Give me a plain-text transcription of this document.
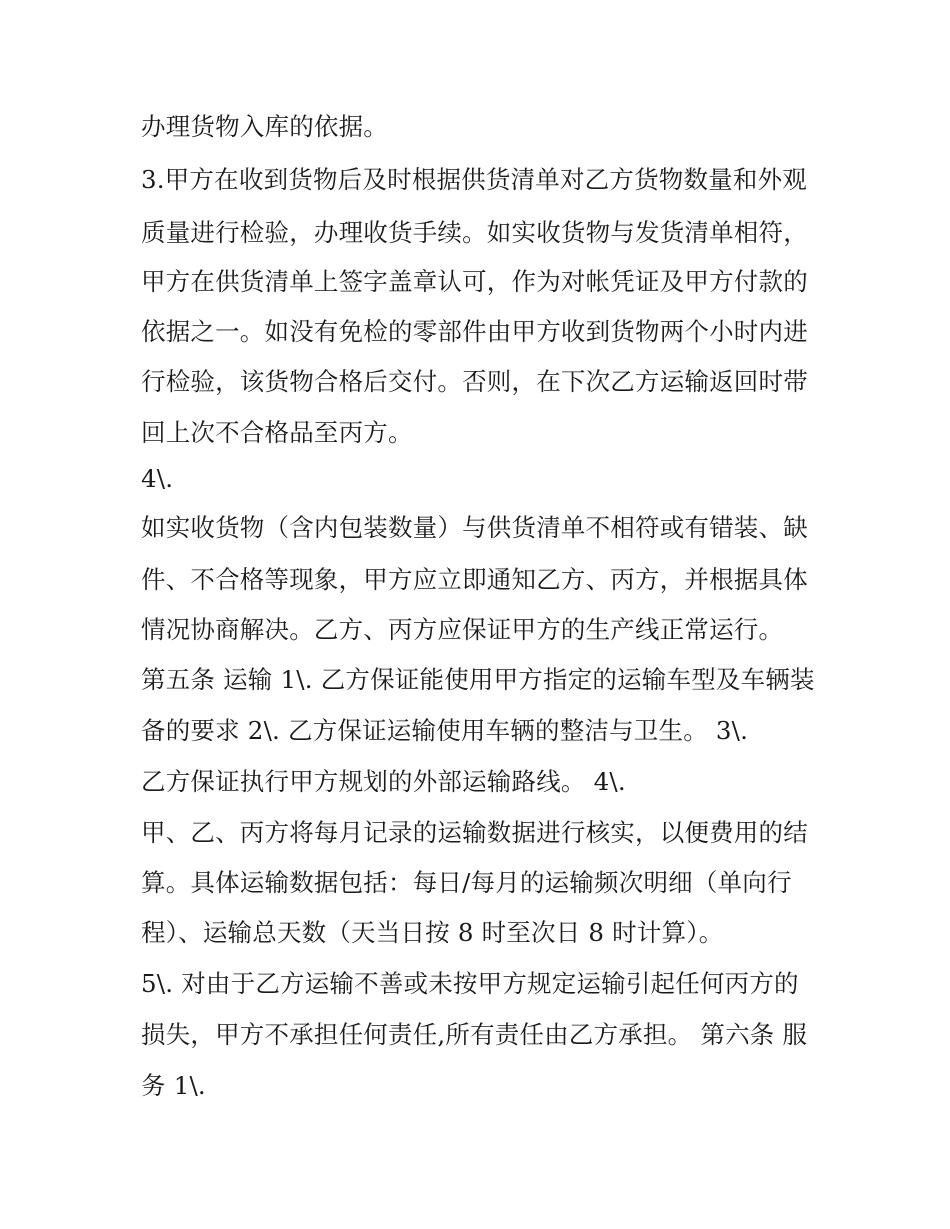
办理货物入库的依据。
3.甲方在收到货物后及时根据供货清单对乙方货物数量和外观
质量进行检验，办理收货手续。如实收货物与发货清单相符，
甲方在供货清单上签字盖章认可，作为对帐凭证及甲方付款的
依据之一。如没有免检的零部件由甲方收到货物两个小时内进
行检验，该货物合格后交付。否则，在下次乙方运输返回时带
回上次不合格品至丙方。
4\.
如实收货物（含内包装数量）与供货清单不相符或有错装、缺
件、不合格等现象，甲方应立即通知乙方、丙方，并根据具体
情况协商解决。乙方、丙方应保证甲方的生产线正常运行。
第五条 运输 1\. 乙方保证能使用甲方指定的运输车型及车辆装
备的要求 2\. 乙方保证运输使用车辆的整洁与卫生。 3\.
乙方保证执行甲方规划的外部运输路线。 4\.
甲、乙、丙方将每月记录的运输数据进行核实，以便费用的结
算。具体运输数据包括：每日/每月的运输频次明细（单向行
程）、运输总天数（天当日按 8 时至次日 8 时计算）。
5\. 对由于乙方运输不善或未按甲方规定运输引起任何丙方的
损失，甲方不承担任何责任,所有责任由乙方承担。 第六条 服
务 1\.
